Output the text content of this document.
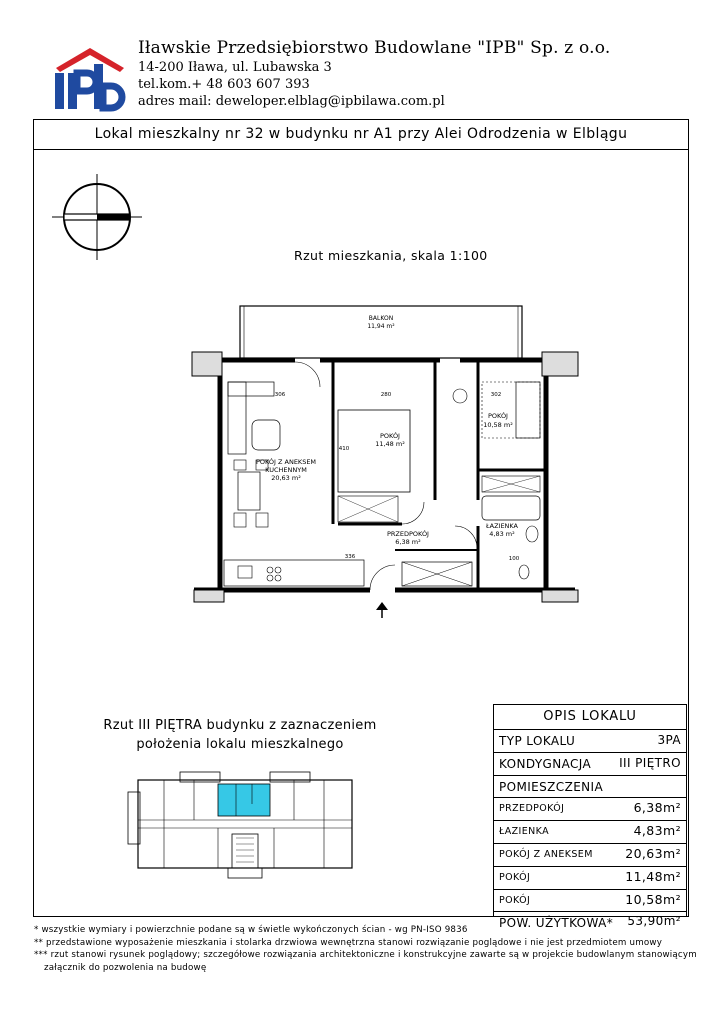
ipb	Iławskie Przedsiębiorstwo Budowlane "IPB" Sp. z o.o.
14-200 Iława, ul. Lubawska 3
tel.kom.+ 48 603 607 393
adres mail: deweloper.elblag@ipbilawa.com.pl
Lokal mieszkalny nr 32 w budynku nr A1 przy Alei Odrodzenia w Elblągu
Rzut mieszkania, skala 1:100
BALKON
11,94 m²
POKÓJ
11,48 m²
POKÓJ
10,58 m²
POKÓJ Z ANEKSEM
KUCHENNYM
20,63 m²
PRZEDPOKÓJ
6,38 m²
ŁAZIENKA
4,83 m²
306	280	302
410
336	100
Rzut III PIĘTRA budynku z zaznaczeniem
położenia lokalu mieszkalnego
OPIS LOKALU
TYP LOKALU	3PA
KONDYGNACJA III PIĘTRO
POMIESZCZENIA
PRZEDPOKÓJ	6,38m²
ŁAZIENKA	4,83m²
POKÓJ Z ANEKSEM	20,63m²
POKÓJ	11,48m²
POKÓJ	10,58m²
POW. UŻYTKOWA* 53,90m²
* wszystkie wymiary i powierzchnie podane są w świetle wykończonych ścian - wg PN-ISO 9836
** przedstawione wyposażenie mieszkania i stolarka drzwiowa wewnętrzna stanowi rozwiązanie poglądowe i nie jest przedmiotem umowy
*** rzut stanowi rysunek poglądowy; szczegółowe rozwiązania architektoniczne i konstrukcyjne zawarte są w projekcie budowlanym stanowiącym
załącznik do pozwolenia na budowę
